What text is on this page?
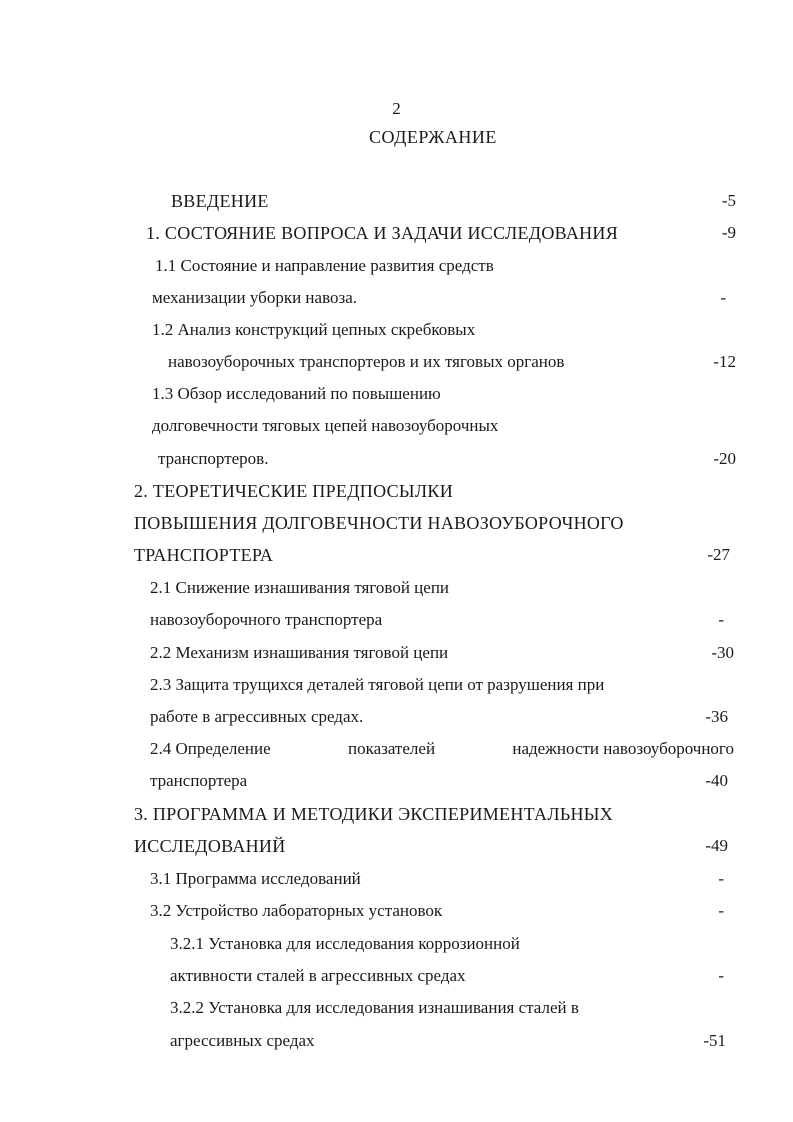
2
СОДЕРЖАНИЕ
ВВЕДЕНИЕ	-5
1. СОСТОЯНИЕ ВОПРОСА И ЗАДАЧИ ИССЛЕДОВАНИЯ	-9
1.1 Состояние и направление развития средств
механизации уборки навоза.	-
1.2 Анализ конструкций цепных скребковых
навозоуборочных транспортеров и их тяговых органов	-12
1.3 Обзор исследований по повышению
долговечности тяговых цепей навозоуборочных
транспортеров.	-20
2. ТЕОРЕТИЧЕСКИЕ ПРЕДПОСЫЛКИ
ПОВЫШЕНИЯ ДОЛГОВЕЧНОСТИ НАВОЗОУБОРОЧНОГО
ТРАНСПОРТЕРА	-27
2.1 Снижение изнашивания тяговой цепи
навозоуборочного транспортера	-
2.2 Механизм изнашивания тяговой цепи	-30
2.3 Защита трущихся деталей тяговой цепи от разрушения при
работе в агрессивных средах.	-36
2.4 Определение	показателей	надежности навозоуборочного
транспортера	-40
3. ПРОГРАММА И МЕТОДИКИ ЭКСПЕРИМЕНТАЛЬНЫХ
ИССЛЕДОВАНИЙ	-49
3.1 Программа исследований	-
3.2 Устройство лабораторных установок	-
3.2.1 Установка для исследования коррозионной
активности сталей в агрессивных средах	-
3.2.2 Установка для исследования изнашивания сталей в
агрессивных средах	-51
